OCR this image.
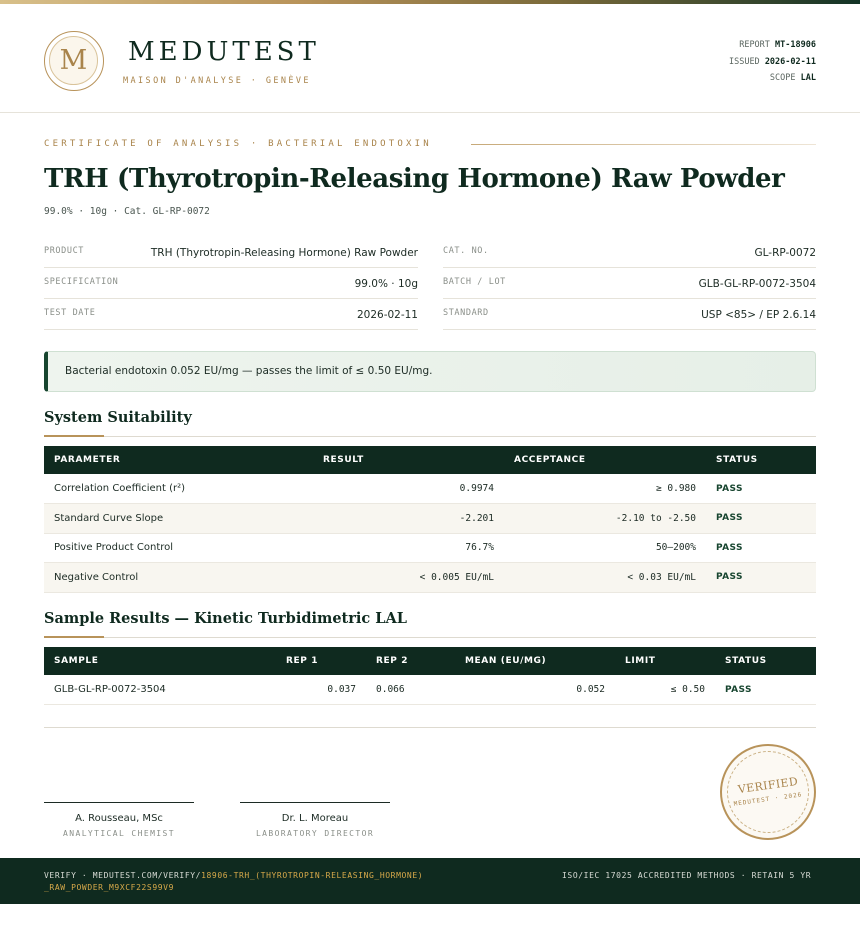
M	MEDUTEST
MAISON D'ANALYSE · GENÈVE
REPORT MT-18906
ISSUED 2026-02-11
SCOPE LAL
CERTIFICATE OF ANALYSIS · BACTERIAL ENDOTOXIN
TRH (Thyrotropin-Releasing Hormone) Raw Powder
99.0% · 10g · Cat. GL-RP-0072
PRODUCT	TRH (Thyrotropin-Releasing Hormone) Raw Powder
SPECIFICATION	99.0% · 10g
TEST DATE	2026-02-11
CAT. NO.	GL-RP-0072
BATCH / LOT	GLB-GL-RP-0072-3504
STANDARD	USP <85> / EP 2.6.14
Bacterial endotoxin 0.052 EU/mg — passes the limit of ≤ 0.50 EU/mg.
System Suitability
PARAMETER	RESULT	ACCEPTANCE	STATUS
Correlation Coefficient (r²)	0.9974	≥ 0.980	PASS
Standard Curve Slope	-2.201	-2.10 to -2.50	PASS
Positive Product Control	76.7%	50–200%	PASS
Negative Control	< 0.005 EU/mL	< 0.03 EU/mL	PASS
Sample Results — Kinetic Turbidimetric LAL
SAMPLE	REP 1	REP 2	MEAN (EU/MG)	LIMIT	STATUS
GLB-GL-RP-0072-3504	0.037	0.066	0.052	≤ 0.50	PASS
A. Rousseau, MSc
ANALYTICAL CHEMIST
Dr. L. Moreau
LABORATORY DIRECTOR
VERIFIED
MEDUTEST · 2026
VERIFY · MEDUTEST.COM/VERIFY/18906-TRH_(THYROTROPIN-RELEASING_HORMONE)_RAW_POWDER_M9XCF22S99V9
ISO/IEC 17025 ACCREDITED METHODS · RETAIN 5 YR
